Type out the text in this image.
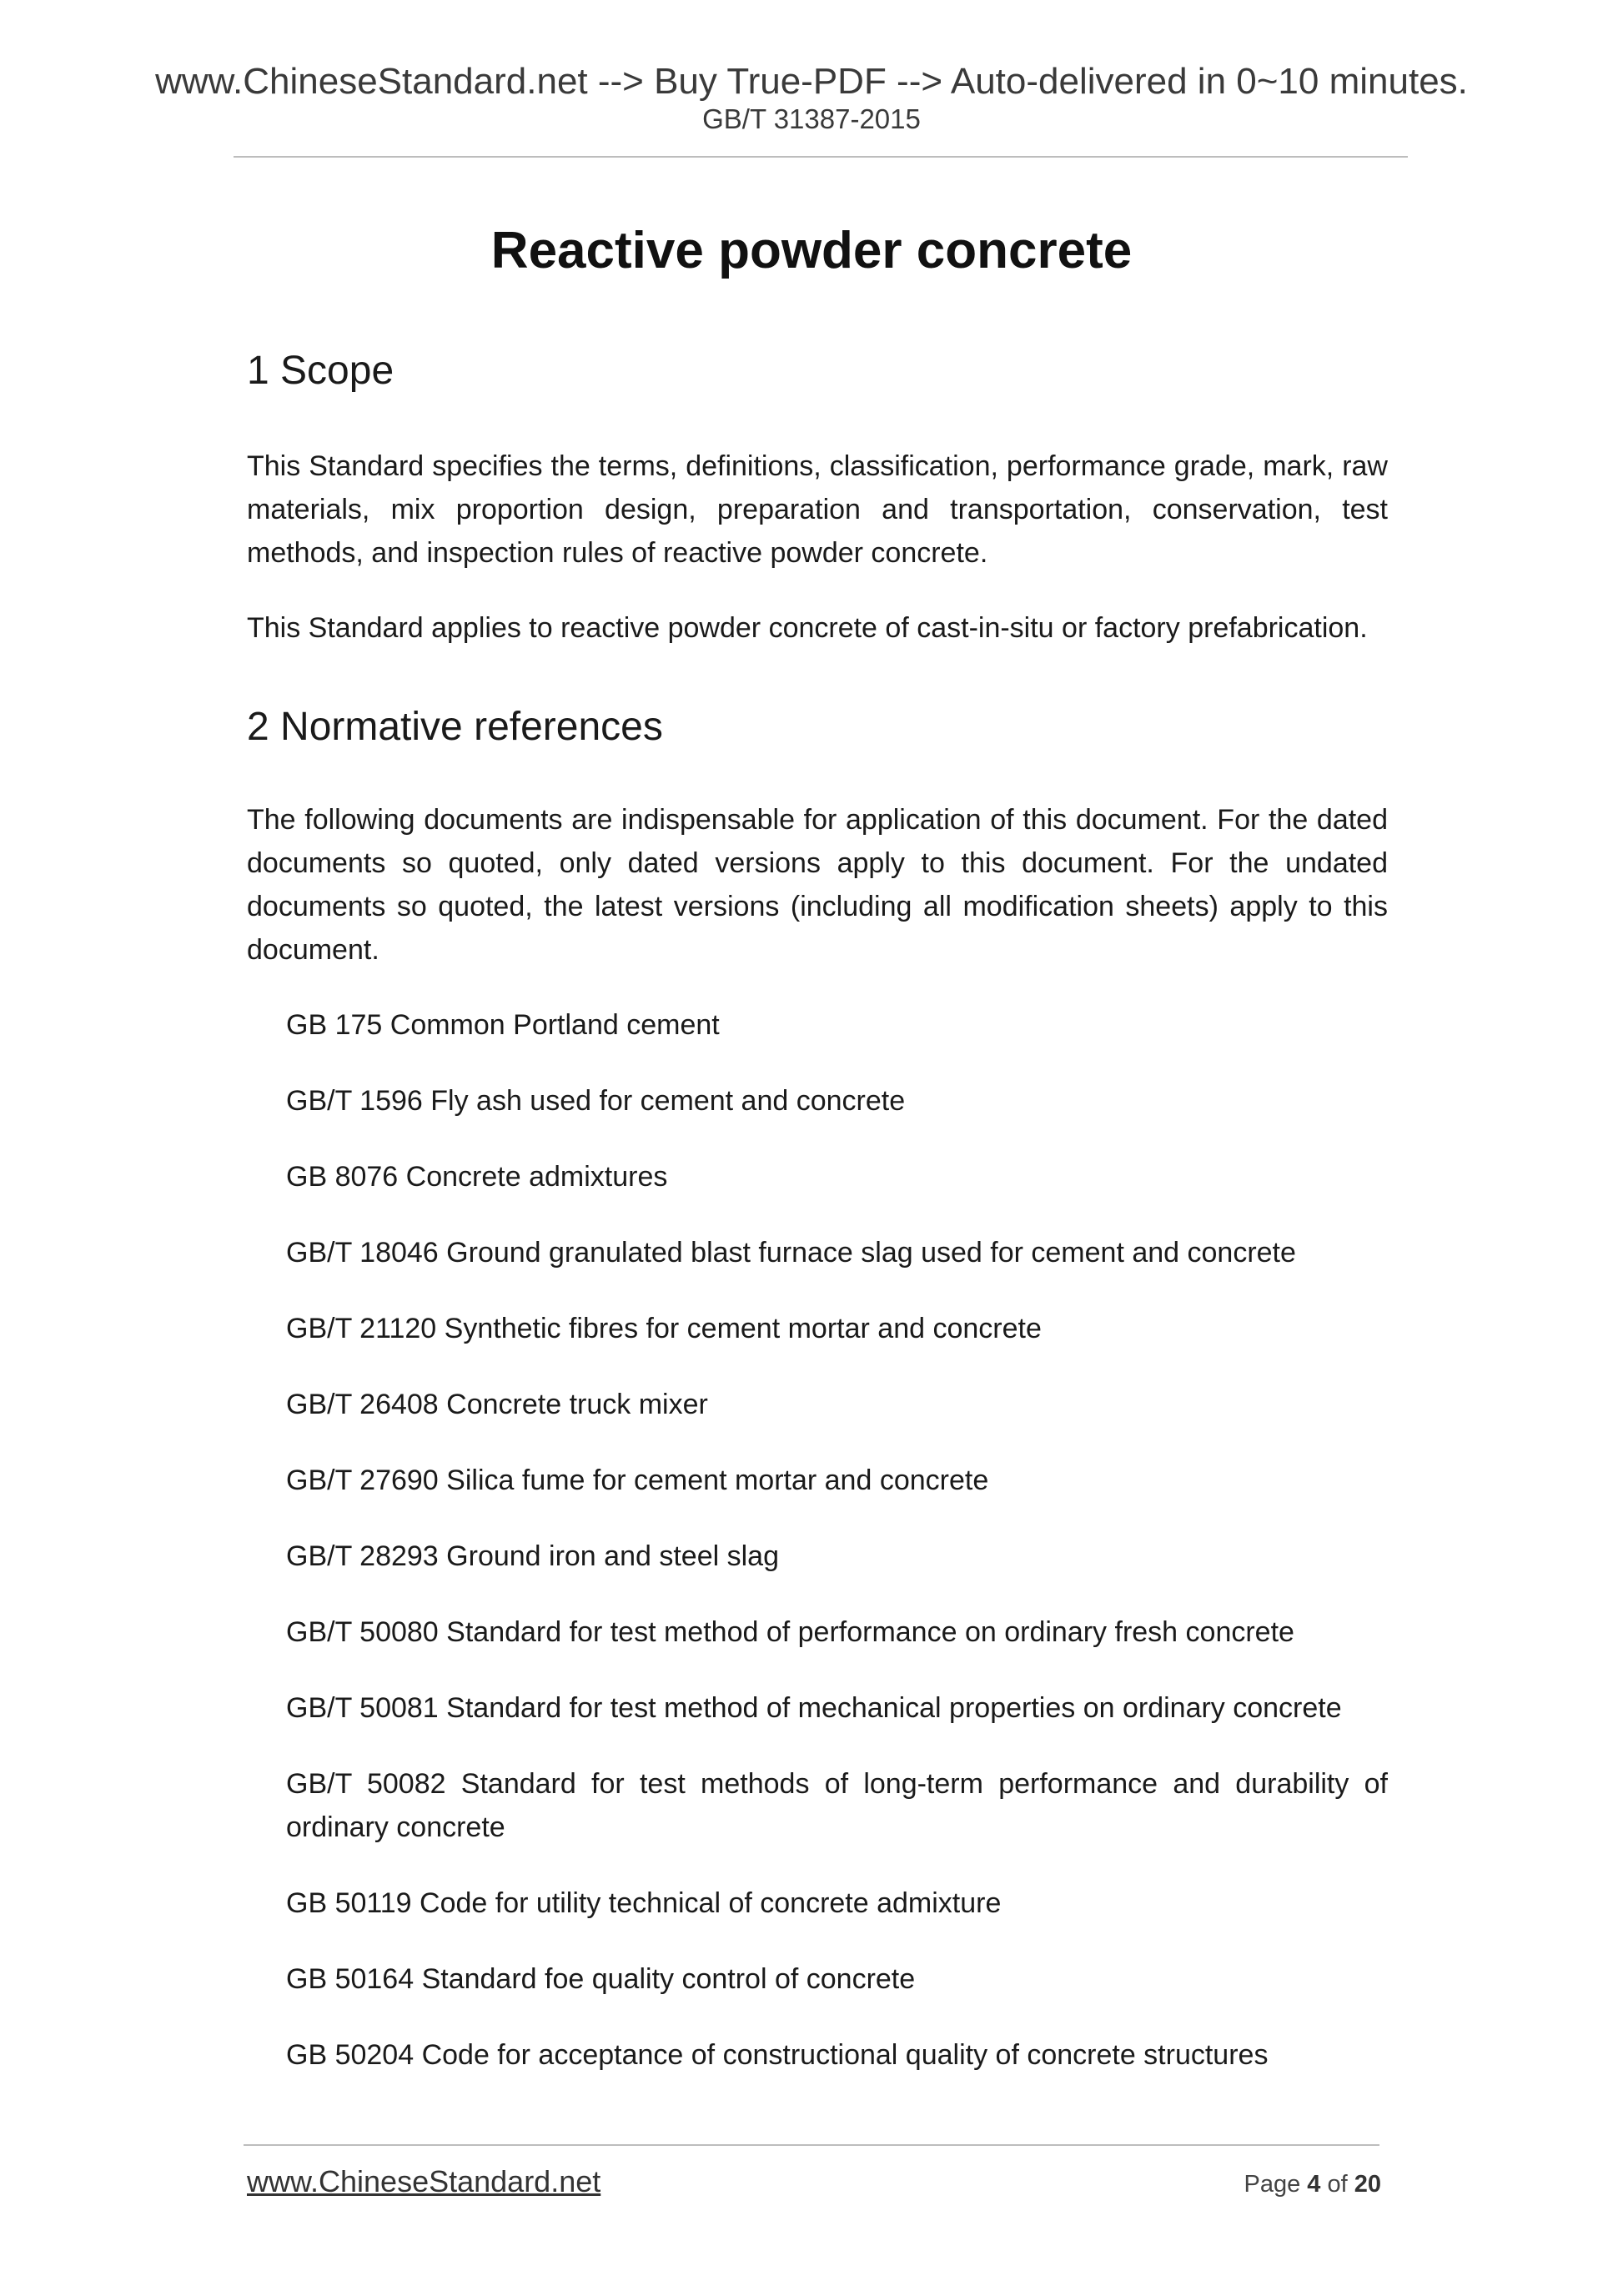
www.ChineseStandard.net --> Buy True-PDF --> Auto-delivered in 0~10 minutes.
GB/T 31387-2015
Reactive powder concrete
1 Scope
This Standard specifies the terms, definitions, classification, performance grade, mark, raw materials, mix proportion design, preparation and transportation, conservation, test methods, and inspection rules of reactive powder concrete.
This Standard applies to reactive powder concrete of cast-in-situ or factory prefabrication.
2 Normative references
The following documents are indispensable for application of this document. For the dated documents so quoted, only dated versions apply to this document. For the undated documents so quoted, the latest versions (including all modification sheets) apply to this document.
GB 175 Common Portland cement
GB/T 1596 Fly ash used for cement and concrete
GB 8076 Concrete admixtures
GB/T 18046 Ground granulated blast furnace slag used for cement and concrete
GB/T 21120 Synthetic fibres for cement mortar and concrete
GB/T 26408 Concrete truck mixer
GB/T 27690 Silica fume for cement mortar and concrete
GB/T 28293 Ground iron and steel slag
GB/T 50080 Standard for test method of performance on ordinary fresh concrete
GB/T 50081 Standard for test method of mechanical properties on ordinary concrete
GB/T 50082 Standard for test methods of long-term performance and durability of ordinary concrete
GB 50119 Code for utility technical of concrete admixture
GB 50164 Standard foe quality control of concrete
GB 50204 Code for acceptance of constructional quality of concrete structures
www.ChineseStandard.net	Page 4 of 20
